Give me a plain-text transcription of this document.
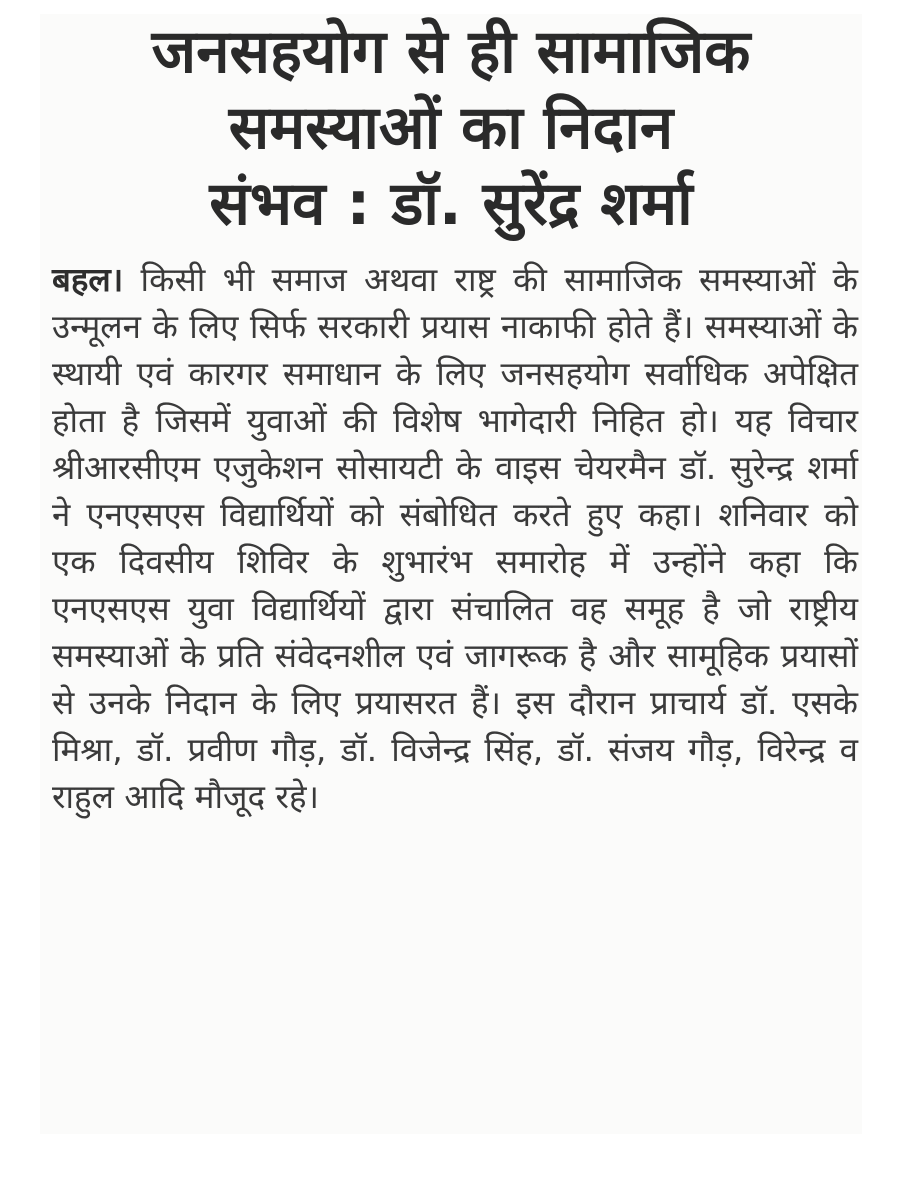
जनसहयोग से ही सामाजिक
समस्याओं का निदान
संभव : डॉ. सुरेंद्र शर्मा

बहल। किसी भी समाज अथवा राष्ट्र की सामाजिक समस्याओं के उन्मूलन के लिए सिर्फ सरकारी प्रयास नाकाफी होते हैं। समस्याओं के स्थायी एवं कारगर समाधान के लिए जनसहयोग सर्वाधिक अपेक्षित होता है जिसमें युवाओं की विशेष भागेदारी निहित हो। यह विचार श्रीआरसीएम एजुकेशन सोसायटी के वाइस चेयरमैन डॉ. सुरेन्द्र शर्मा ने एनएसएस विद्यार्थियों को संबोधित करते हुए कहा। शनिवार को एक दिवसीय शिविर के शुभारंभ समारोह में उन्होंने कहा कि एनएसएस युवा विद्यार्थियों द्वारा संचालित वह समूह है जो राष्ट्रीय समस्याओं के प्रति संवेदनशील एवं जागरूक है और सामूहिक प्रयासों से उनके निदान के लिए प्रयासरत हैं। इस दौरान प्राचार्य डॉ. एसके मिश्रा, डॉ. प्रवीण गौड़, डॉ. विजेन्द्र सिंह, डॉ. संजय गौड़, विरेन्द्र व राहुल आदि मौजूद रहे।
